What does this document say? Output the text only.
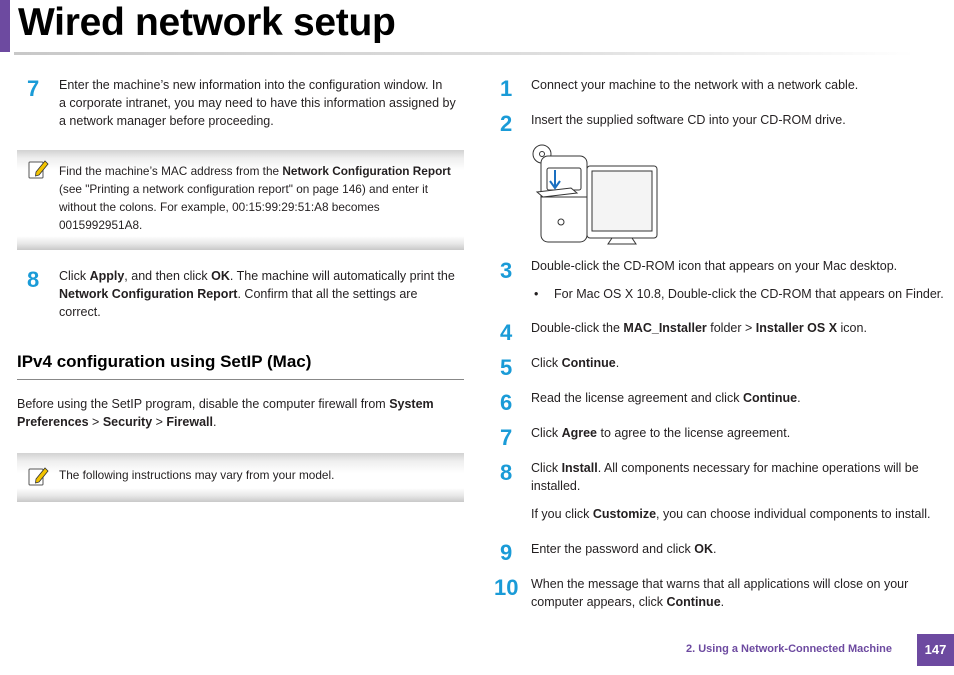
Wired network setup
7 Enter the machine’s new information into the configuration window. In
a corporate intranet, you may need to have this information assigned by
a network manager before proceeding.
Find the machine’s MAC address from the Network Configuration Report
(see "Printing a network configuration report" on page 146) and enter it
without the colons. For example, 00:15:99:29:51:A8 becomes
0015992951A8.
8 Click Apply, and then click OK. The machine will automatically print the
Network Configuration Report. Confirm that all the settings are
correct.
IPv4 configuration using SetIP (Mac)
Before using the SetIP program, disable the computer firewall from System
Preferences > Security > Firewall.
The following instructions may vary from your model.
1 Connect your machine to the network with a network cable.
2 Insert the supplied software CD into your CD-ROM drive.
3 Double-click the CD-ROM icon that appears on your Mac desktop.
• For Mac OS X 10.8, Double-click the CD-ROM that appears on Finder.
4 Double-click the MAC_Installer folder > Installer OS X icon.
5 Click Continue.
6 Read the license agreement and click Continue.
7 Click Agree to agree to the license agreement.
8 Click Install. All components necessary for machine operations will be
installed.
If you click Customize, you can choose individual components to install.
9 Enter the password and click OK.
10 When the message that warns that all applications will close on your
computer appears, click Continue.
2. Using a Network-Connected Machine	147
